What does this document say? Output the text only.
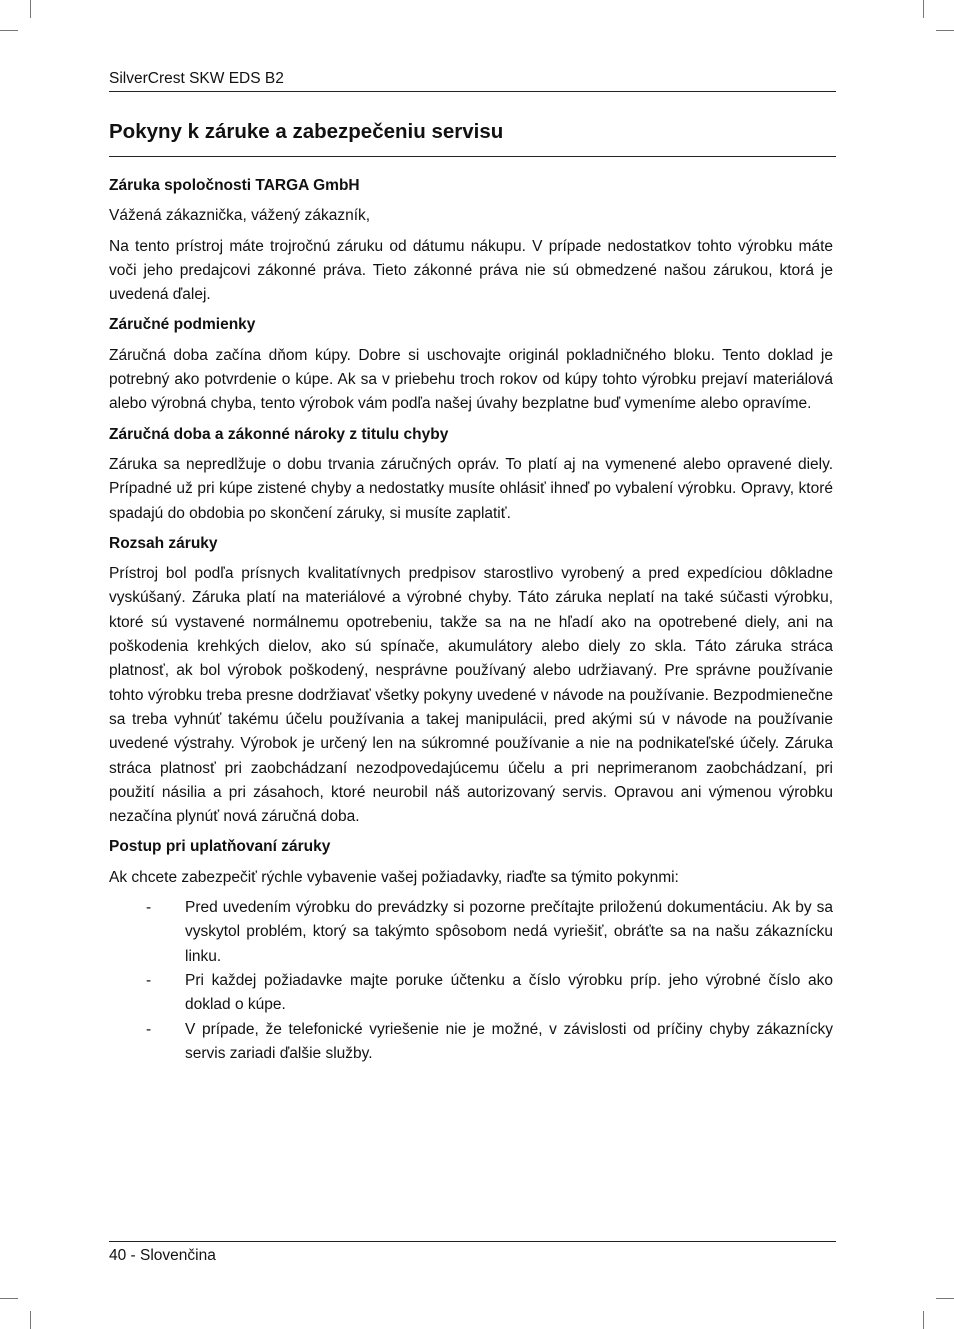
SilverCrest SKW EDS B2
Pokyny k záruke a zabezpečeniu servisu
Záruka spoločnosti TARGA GmbH

Vážená zákaznička, vážený zákazník,

Na tento prístroj máte trojročnú záruku od dátumu nákupu. V prípade nedostatkov tohto výrobku máte voči jeho predajcovi zákonné práva. Tieto zákonné práva nie sú obmedzené našou zárukou, ktorá je uvedená ďalej.

Záručné podmienky

Záručná doba začína dňom kúpy. Dobre si uschovajte originál pokladničného bloku. Tento doklad je potrebný ako potvrdenie o kúpe. Ak sa v priebehu troch rokov od kúpy tohto výrobku prejaví materiálová alebo výrobná chyba, tento výrobok vám podľa našej úvahy bezplatne buď vymeníme alebo opravíme.

Záručná doba a zákonné nároky z titulu chyby

Záruka sa nepredlžuje o dobu trvania záručných opráv. To platí aj na vymenené alebo opravené diely. Prípadné už pri kúpe zistené chyby a nedostatky musíte ohlásiť ihneď po vybalení výrobku. Opravy, ktoré spadajú do obdobia po skončení záruky, si musíte zaplatiť.

Rozsah záruky

Prístroj bol podľa prísnych kvalitatívnych predpisov starostlivo vyrobený a pred expedíciou dôkladne vyskúšaný. Záruka platí na materiálové a výrobné chyby. Táto záruka neplatí na také súčasti výrobku, ktoré sú vystavené normálnemu opotrebeniu, takže sa na ne hľadí ako na opotrebené diely, ani na poškodenia krehkých dielov, ako sú spínače, akumulátory alebo diely zo skla. Táto záruka stráca platnosť, ak bol výrobok poškodený, nesprávne používaný alebo udržiavaný. Pre správne používanie tohto výrobku treba presne dodržiavať všetky pokyny uvedené v návode na používanie. Bezpodmienečne sa treba vyhnúť takému účelu používania a takej manipulácii, pred akými sú v návode na používanie uvedené výstrahy. Výrobok je určený len na súkromné používanie a nie na podnikateľské účely. Záruka stráca platnosť pri zaobchádzaní nezodpovedajúcemu účelu a pri neprimeranom zaobchádzaní, pri použití násilia a pri zásahoch, ktoré neurobil náš autorizovaný servis. Opravou ani výmenou výrobku nezačína plynúť nová záručná doba.

Postup pri uplatňovaní záruky

Ak chcete zabezpečiť rýchle vybavenie vašej požiadavky, riaďte sa týmito pokynmi:

- Pred uvedením výrobku do prevádzky si pozorne prečítajte priloženú dokumentáciu. Ak by sa vyskytol problém, ktorý sa takýmto spôsobom nedá vyriešiť, obráťte sa na našu zákaznícku linku.
- Pri každej požiadavke majte poruke účtenku a číslo výrobku príp. jeho výrobné číslo ako doklad o kúpe.
- V prípade, že telefonické vyriešenie nie je možné, v závislosti od príčiny chyby zákaznícky servis zariadi ďalšie služby.
40 - Slovenčina
